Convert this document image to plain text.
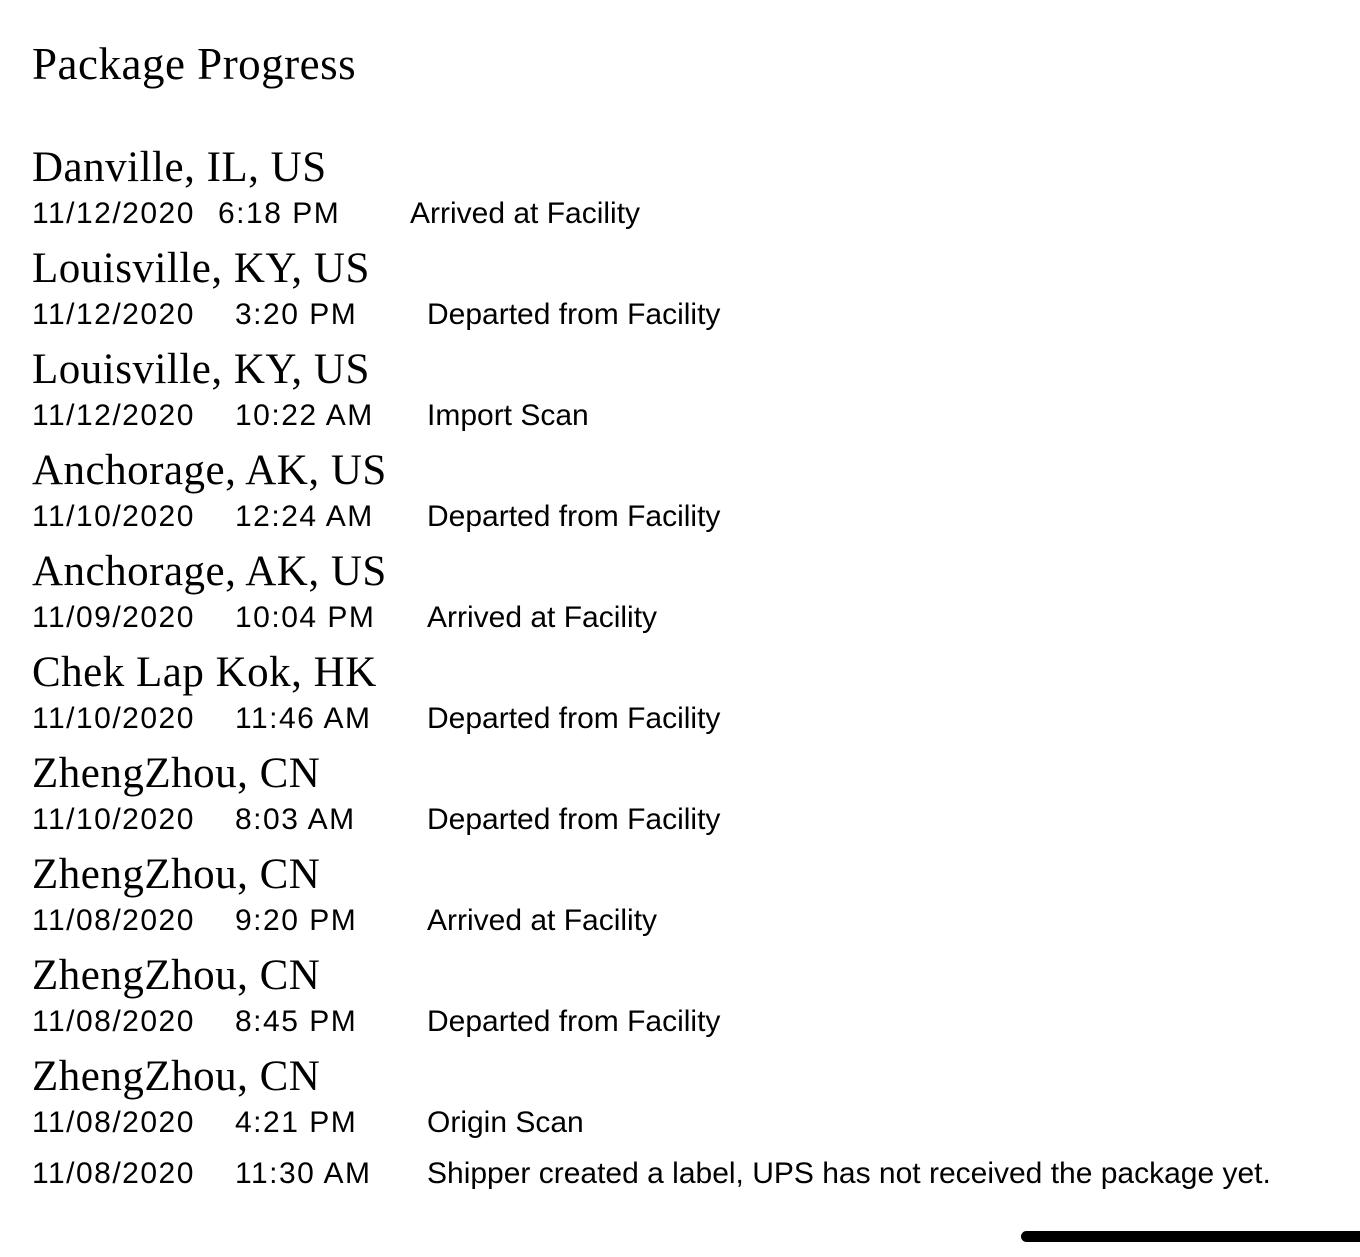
Package Progress
Danville, IL, US
11/12/2020 6:18 PM	Arrived at Facility
Louisville, KY, US
11/12/2020	3:20 PM	Departed from Facility
Louisville, KY, US
11/12/2020	10:22 AM	Import Scan
Anchorage, AK, US
11/10/2020	12:24 AM	Departed from Facility
Anchorage, AK, US
11/09/2020	10:04 PM	Arrived at Facility
Chek Lap Kok, HK
11/10/2020	11:46 AM	Departed from Facility
ZhengZhou, CN
11/10/2020	8:03 AM	Departed from Facility
ZhengZhou, CN
11/08/2020	9:20 PM	Arrived at Facility
ZhengZhou, CN
11/08/2020	8:45 PM	Departed from Facility
ZhengZhou, CN
11/08/2020	4:21 PM	Origin Scan
11/08/2020	11:30 AM	Shipper created a label, UPS has not received the package yet.
